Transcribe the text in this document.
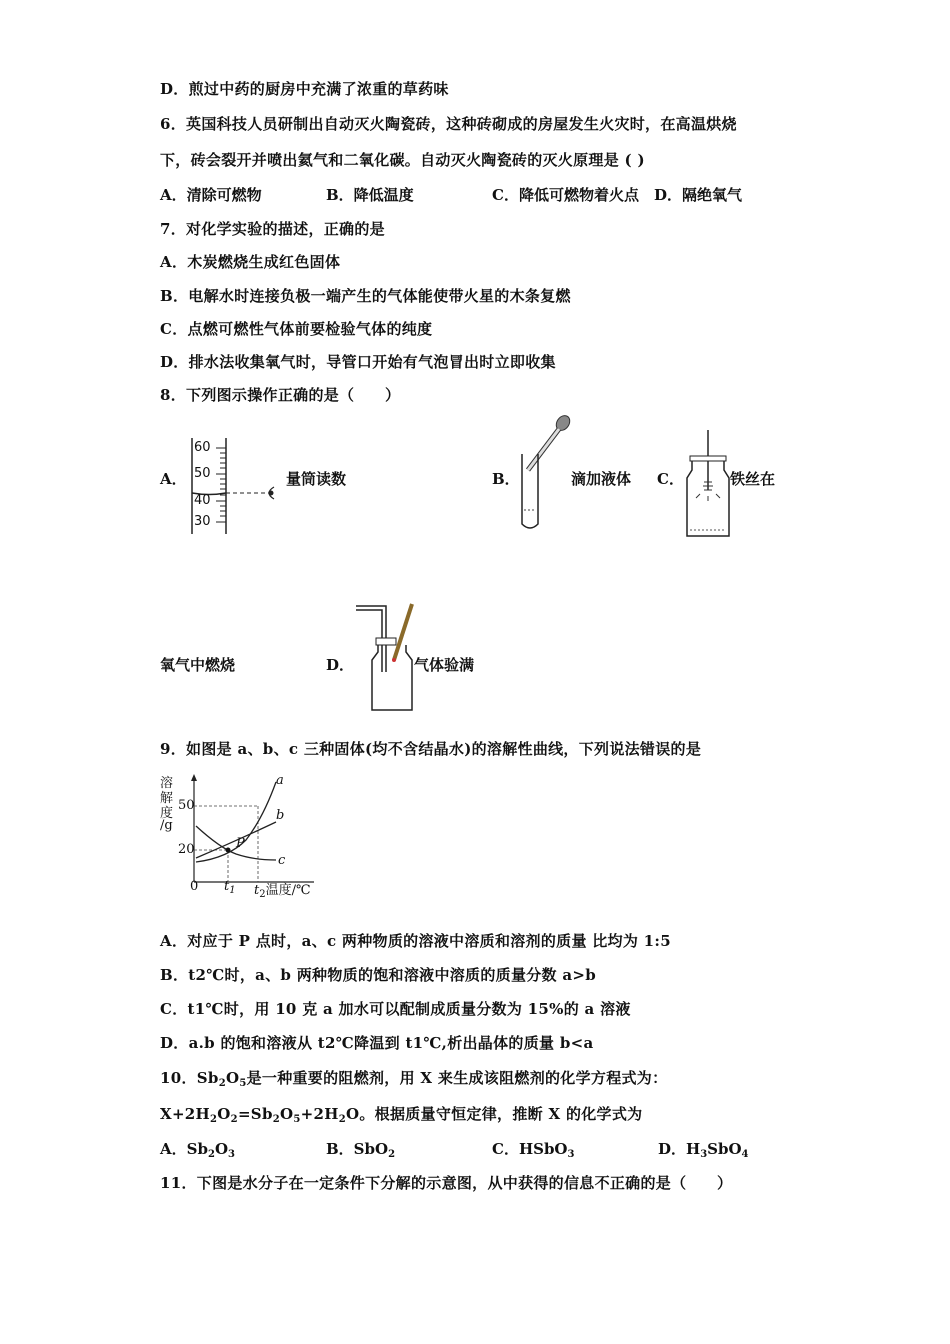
D．煎过中药的厨房中充满了浓重的草药味
6．英国科技人员研制出自动灭火陶瓷砖，这种砖砌成的房屋发生火灾时，在高温烘烧
下，砖会裂开并喷出氦气和二氧化碳。自动灭火陶瓷砖的灭火原理是 ( )
A．清除可燃物	B．降低温度	C．降低可燃物着火点 D．隔绝氧气
7．对化学实验的描述，正确的是
A．木炭燃烧生成红色固体
B．电解水时连接负极一端产生的气体能使带火星的木条复燃
C．点燃可燃性气体前要检验气体的纯度
D．排水法收集氧气时，导管口开始有气泡冒出时立即收集
8．下列图示操作正确的是（　　）
A．
60
50
40
30
量筒读数	B．	滴加液体 C．	铁丝在
氧气中燃烧	D．	气体验满
9．如图是 a、b、c 三种固体(均不含结晶水)的溶解性曲线，下列说法错误的是
溶
解
度
/g
50
20
0 $t_1$ $t_2$温度/℃
a
b
c
P
A．对应于 P 点时，a、c 两种物质的溶液中溶质和溶剂的质量 比均为 1:5
B．t2℃时，a、b 两种物质的饱和溶液中溶质的质量分数 a>b
C．t1℃时，用 10 克 a 加水可以配制成质量分数为 15%的 a 溶液
D．a.b 的饱和溶液从 t2℃降温到 t1℃,析出晶体的质量 b<a
10．$Sb_2O_5$是一种重要的阻燃剂，用 X 来生成该阻燃剂的化学方程式为：
$X+2H_2O_2=Sb_2O_5+2H_2O$。根据质量守恒定律，推断 X 的化学式为
A．$Sb_2O_3$	B．SbO$_2$	C．HSbO$_3$	D．$H_3SbO_4$
11．下图是水分子在一定条件下分解的示意图，从中获得的信息不正确的是（　　）
